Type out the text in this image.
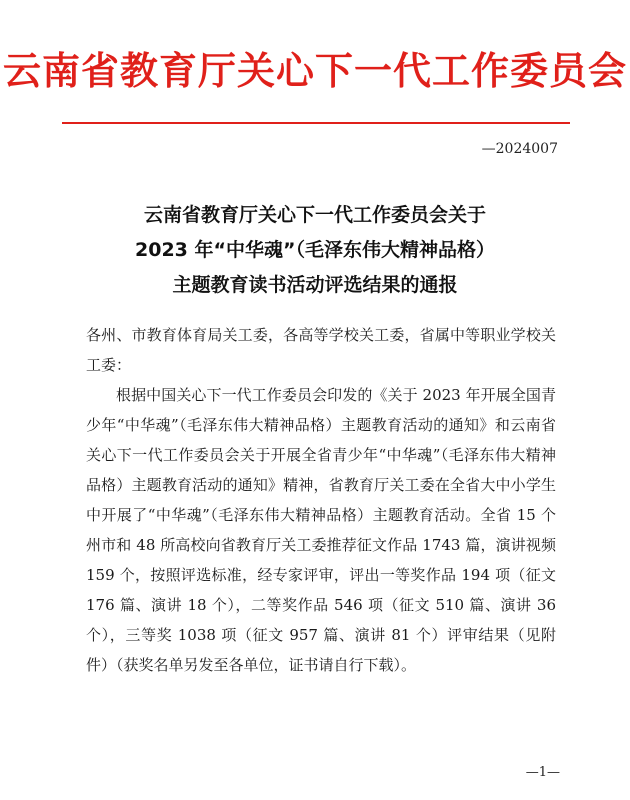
云南省教育厅关心下一代工作委员会
—2024007
云南省教育厅关心下一代工作委员会关于
2023 年“中华魂”（毛泽东伟大精神品格）
主题教育读书活动评选结果的通报

各州、市教育体育局关工委，各高等学校关工委，省属中等职业学校关工委：

根据中国关心下一代工作委员会印发的《关于 2023 年开展全国青少年“中华魂”（毛泽东伟大精神品格）主题教育活动的通知》和云南省关心下一代工作委员会关于开展全省青少年“中华魂”（毛泽东伟大精神品格）主题教育活动的通知》精神，省教育厅关工委在全省大中小学生中开展了“中华魂”（毛泽东伟大精神品格）主题教育活动。全省 15 个州市和 48 所高校向省教育厅关工委推荐征文作品 1743 篇，演讲视频 159 个，按照评选标准，经专家评审，评出一等奖作品 194 项（征文 176 篇、演讲 18 个），二等奖作品 546 项（征文 510 篇、演讲 36 个），三等奖 1038 项（征文 957 篇、演讲 81 个）评审结果（见附件）（获奖名单另发至各单位，证书请自行下载）。

—1—
